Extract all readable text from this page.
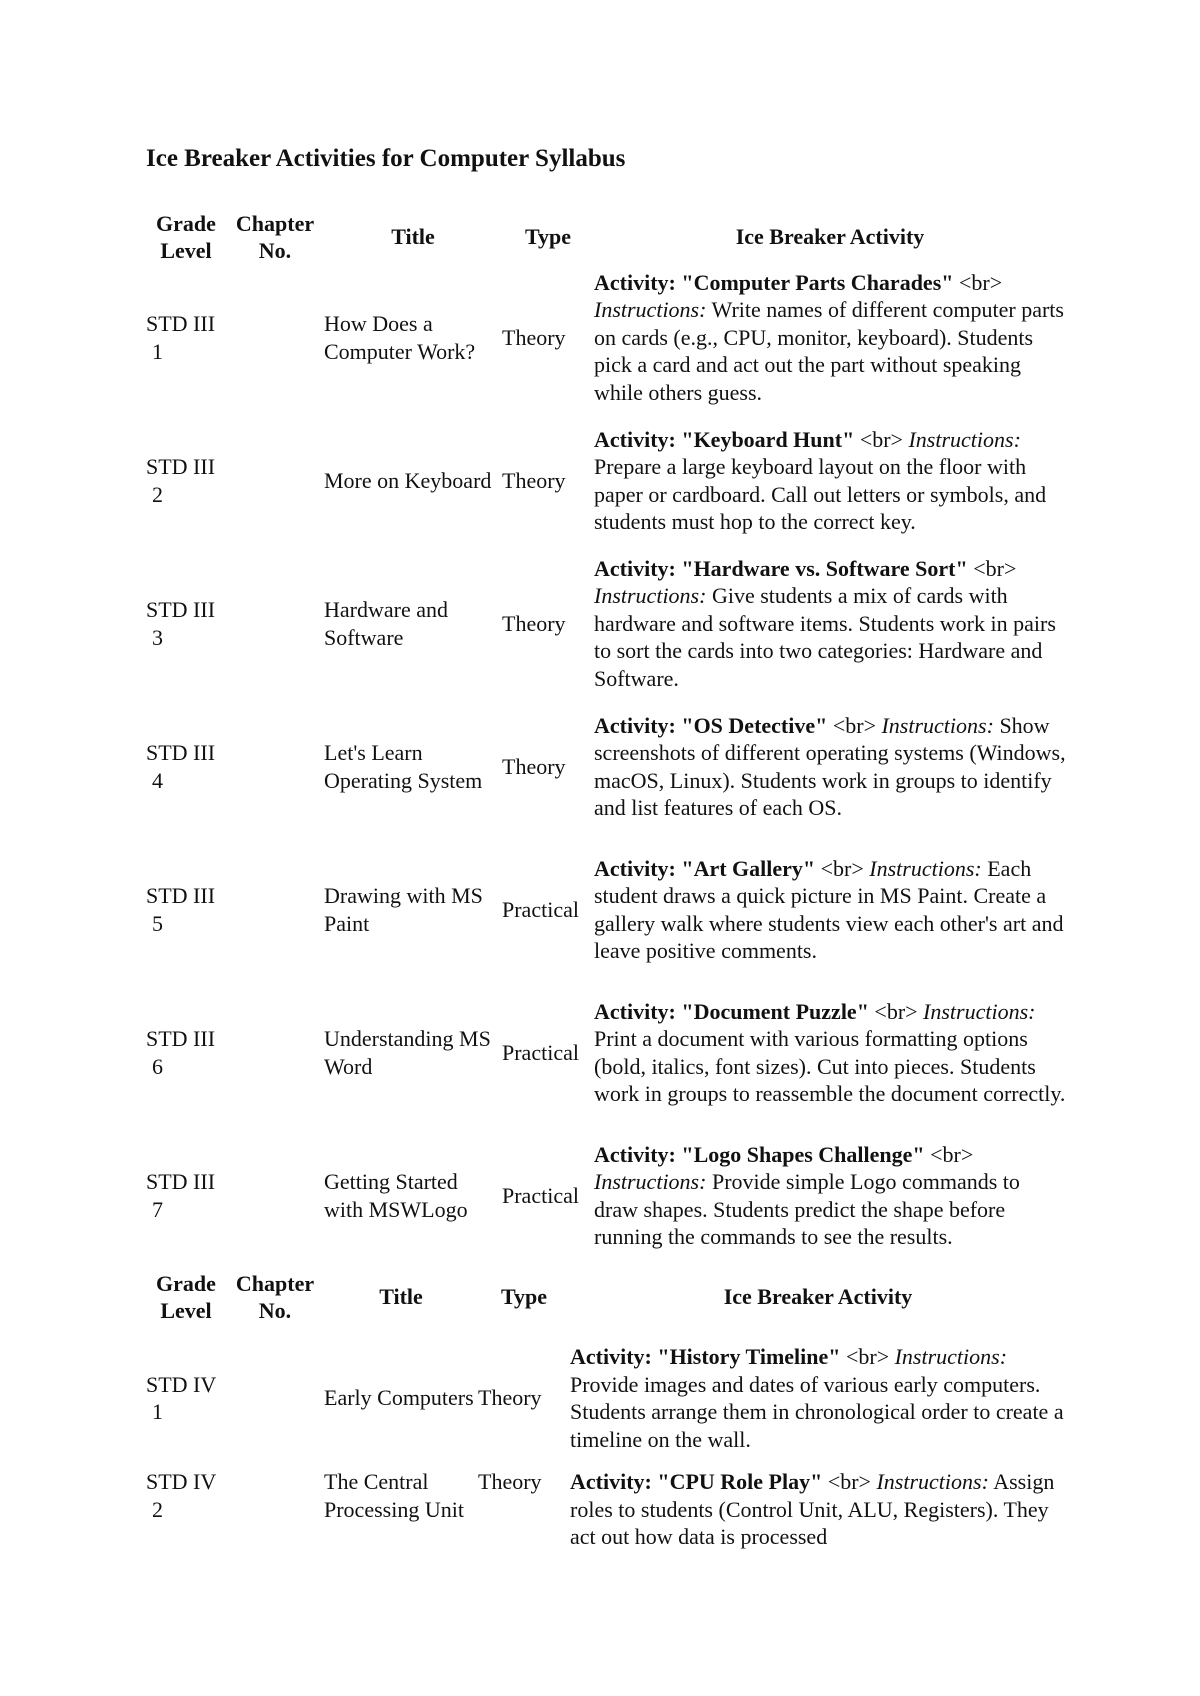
Ice Breaker Activities for Computer Syllabus
Grade Level	Chapter No.	Title	Type	Ice Breaker Activity
STD III1		How Does a Computer Work?	Theory	Activity: "Computer Parts Charades" <br> Instructions: Write names of different computer parts on cards (e.g., CPU, monitor, keyboard). Students pick a card and act out the part without speaking while others guess.
STD III2		More on Keyboard	Theory	Activity: "Keyboard Hunt" <br> Instructions: Prepare a large keyboard layout on the floor with paper or cardboard. Call out letters or symbols, and students must hop to the correct key.
STD III3		Hardware and Software	Theory	Activity: "Hardware vs. Software Sort" <br> Instructions: Give students a mix of cards with hardware and software items. Students work in pairs to sort the cards into two categories: Hardware and Software.
STD III4		Let's Learn Operating System	Theory	Activity: "OS Detective" <br> Instructions: Show screenshots of different operating systems (Windows, macOS, Linux). Students work in groups to identify and list features of each OS.
STD III5		Drawing with MS Paint	Practical	Activity: "Art Gallery" <br> Instructions: Each student draws a quick picture in MS Paint. Create a gallery walk where students view each other's art and leave positive comments.
STD III6		Understanding MS Word	Practical	Activity: "Document Puzzle" <br> Instructions: Print a document with various formatting options (bold, italics, font sizes). Cut into pieces. Students work in groups to reassemble the document correctly.
STD III7		Getting Started with MSWLogo	Practical	Activity: "Logo Shapes Challenge" <br> Instructions: Provide simple Logo commands to draw shapes. Students predict the shape before running the commands to see the results.
Grade Level	Chapter No.	Title	Type	Ice Breaker Activity
STD IV1		Early Computers	Theory	Activity: "History Timeline" <br> Instructions: Provide images and dates of various early computers. Students arrange them in chronological order to create a timeline on the wall.
STD IV2		The Central Processing Unit	Theory	Activity: "CPU Role Play" <br> Instructions: Assign roles to students (Control Unit, ALU, Registers). They act out how data is processed
